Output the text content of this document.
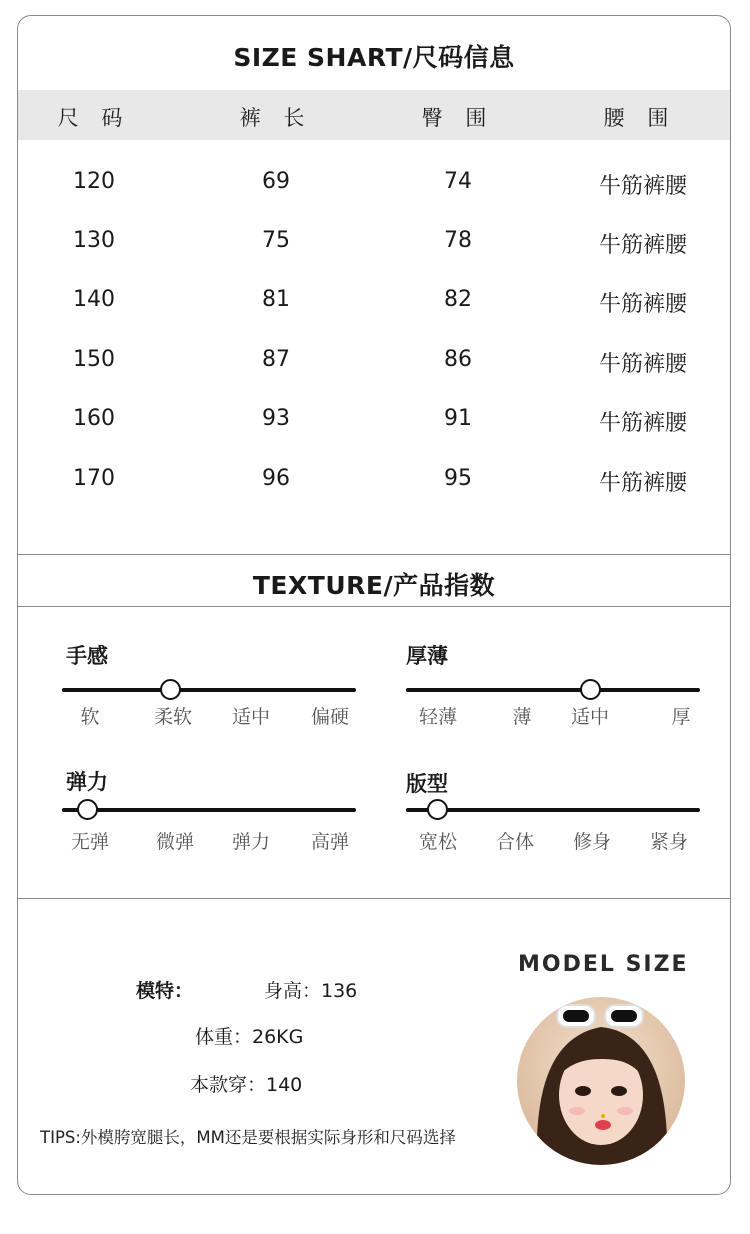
SIZE SHART/尺码信息
尺 码	裤 长	臀 围	腰 围
120	69	74	牛筋裤腰
130	75	78	牛筋裤腰
140	81	82	牛筋裤腰
150	87	86	牛筋裤腰
160	93	91	牛筋裤腰
170	96	95	牛筋裤腰
TEXTURE/产品指数
手感
软	柔软	适中	偏硬
厚薄
轻薄	薄	适中	厚
弹力
无弹	微弹	弹力	高弹
版型
宽松	合体	修身	紧身
MODEL SIZE
模特：	身高：136
体重：26KG
本款穿：140
TIPS:外模胯宽腿长，MM还是要根据实际身形和尺码选择
